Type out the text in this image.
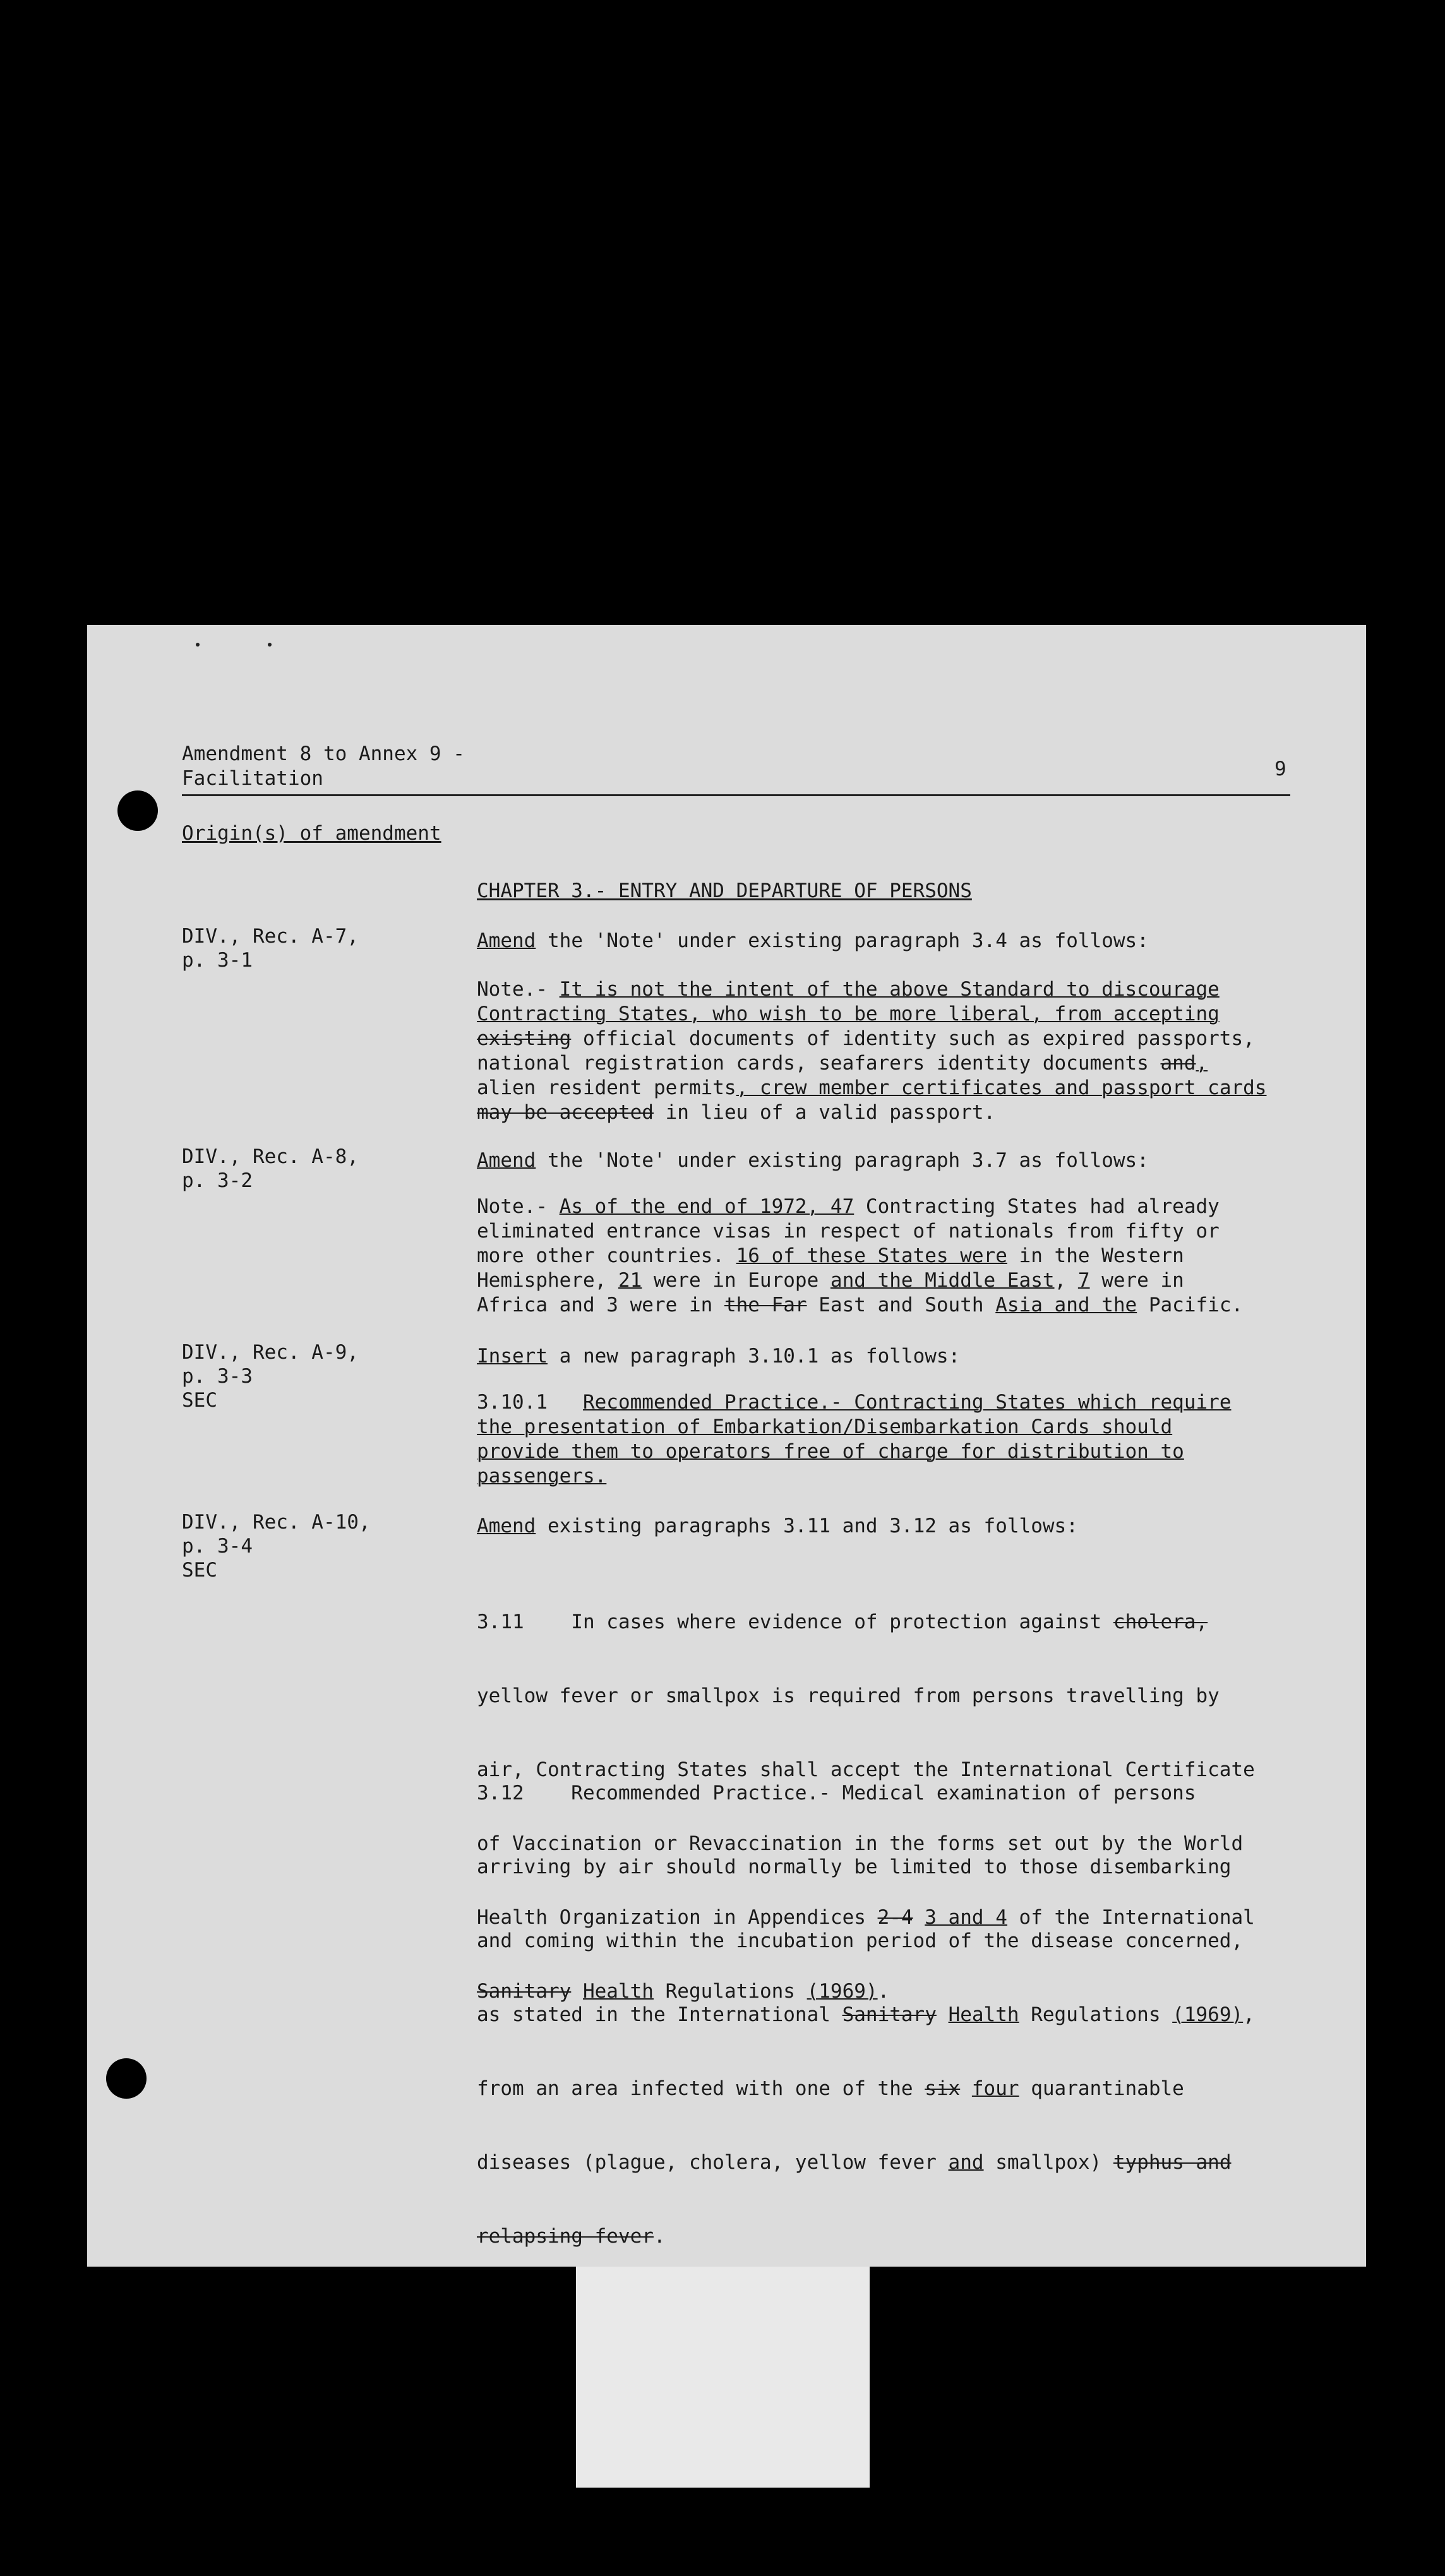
Amendment 8 to Annex 9 -
Facilitation	9
Origin(s) of amendment
CHAPTER 3.- ENTRY AND DEPARTURE OF PERSONS
DIV., Rec. A-7,
p. 3-1
Amend the 'Note' under existing paragraph 3.4 as follows:

Note.- It is not the intent of the above Standard to discourage

Contracting States, who wish to be more liberal, from accepting

existing official documents of identity such as expired passports,

national registration cards, seafarers identity documents and,

alien resident permits, crew member certificates and passport cards

may be accepted in lieu of a valid passport.

DIV., Rec. A-8,
p. 3-2
Amend the 'Note' under existing paragraph 3.7 as follows:

Note.- As of the end of 1972, 47 Contracting States had already

eliminated entrance visas in respect of nationals from fifty or

more other countries. 16 of these States were in the Western

Hemisphere, 21 were in Europe and the Middle East, 7 were in

Africa and 3 were in the Far East and South Asia and the Pacific.

DIV., Rec. A-9,
p. 3-3
SEC
Insert a new paragraph 3.10.1 as follows:

3.10.1 Recommended Practice.- Contracting States which require

the presentation of Embarkation/Disembarkation Cards should

provide them to operators free of charge for distribution to

passengers.

DIV., Rec. A-10,
p. 3-4
SEC
Amend existing paragraphs 3.11 and 3.12 as follows:

3.11    In cases where evidence of protection against cholera,

yellow fever or smallpox is required from persons travelling by

air, Contracting States shall accept the International Certificate

of Vaccination or Revaccination in the forms set out by the World

Health Organization in Appendices 2-4 3 and 4 of the International

Sanitary Health Regulations (1969).

3.12    Recommended Practice.- Medical examination of persons

arriving by air should normally be limited to those disembarking

and coming within the incubation period of the disease concerned,

as stated in the International Sanitary Health Regulations (1969),

from an area infected with one of the six four quarantinable

diseases (plague, cholera, yellow fever and smallpox) typhus and

relapsing fever.
